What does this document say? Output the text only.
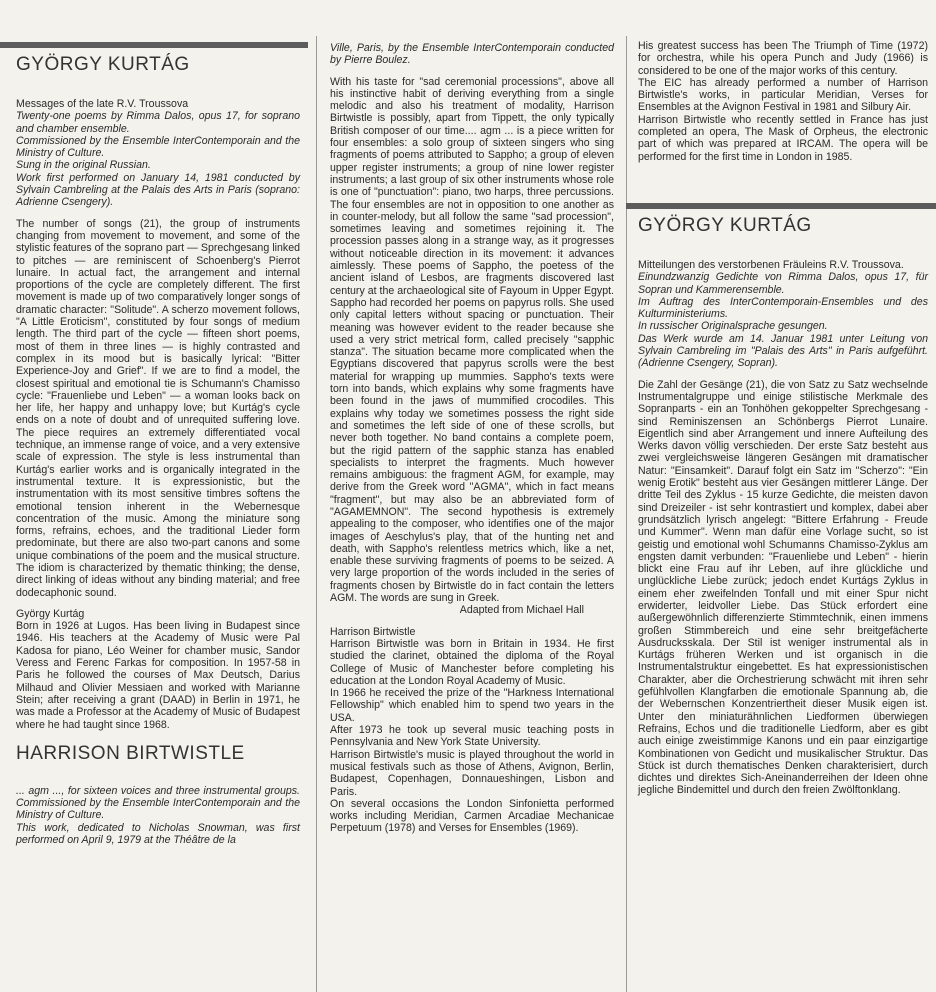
GYÖRGY KURTÁG

Messages of the late R.V. Troussova

Twenty-one poems by Rimma Dalos, opus 17, for soprano and chamber ensemble.

Commissioned by the Ensemble InterContemporain and the Ministry of Culture.

Sung in the original Russian.

Work first performed on January 14, 1981 conducted by Sylvain Cambreling at the Palais des Arts in Paris (soprano: Adrienne Csengery).

The number of songs (21), the group of instruments changing from movement to movement, and some of the stylistic features of the soprano part — Sprechgesang linked to pitches — are reminiscent of Schoenberg's Pierrot lunaire. In actual fact, the arrangement and internal proportions of the cycle are completely different. The first movement is made up of two comparatively longer songs of dramatic character: "Solitude". A scherzo movement follows, "A Little Eroticism", constituted by four songs of medium length. The third part of the cycle — fifteen short poems, most of them in three lines — is highly contrasted and complex in its mood but is basically lyrical: "Bitter Experience-Joy and Grief". If we are to find a model, the closest spiritual and emotional tie is Schumann's Chamisso cycle: "Frauenliebe und Leben" — a woman looks back on her life, her happy and unhappy love; but Kurtág's cycle ends on a note of doubt and of unrequited suffering love. The piece requires an extremely differentiated vocal technique, an immense range of voice, and a very extensive scale of expression. The style is less instrumental than Kurtág's earlier works and is organically integrated in the instrumental texture. It is expressionistic, but the instrumentation with its most sensitive timbres softens the emotional tension inherent in the Webernesque concentration of the music. Among the miniature song forms, refrains, echoes, and the traditional Lieder form predominate, but there are also two-part canons and some unique combinations of the poem and the musical structure. The idiom is characterized by thematic thinking; the dense, direct linking of ideas without any binding material; and free dodecaphonic sound.

György Kurtág

Born in 1926 at Lugos. Has been living in Budapest since 1946. His teachers at the Academy of Music were Pal Kadosa for piano, Léo Weiner for chamber music, Sandor Veress and Ferenc Farkas for composition. In 1957-58 in Paris he followed the courses of Max Deutsch, Darius Milhaud and Olivier Messiaen and worked with Marianne Stein; after receiving a grant (DAAD) in Berlin in 1971, he was made a Professor at the Academy of Music of Budapest where he had taught since 1968.

HARRISON BIRTWISTLE

... agm ..., for sixteen voices and three instrumental groups. Commissioned by the Ensemble InterContemporain and the Ministry of Culture.

This work, dedicated to Nicholas Snowman, was first performed on April 9, 1979 at the Théâtre de la

Ville, Paris, by the Ensemble InterContemporain conducted by Pierre Boulez.

With his taste for "sad ceremonial processions", above all his instinctive habit of deriving everything from a single melodic and also his treatment of modality, Harrison Birtwistle is possibly, apart from Tippett, the only typically British composer of our time.... agm ... is a piece written for four ensembles: a solo group of sixteen singers who sing fragments of poems attributed to Sappho; a group of eleven upper register instruments; a group of nine lower register instruments; a last group of six other instruments whose role is one of "punctuation": piano, two harps, three percussions. The four ensembles are not in opposition to one another as in counter-melody, but all follow the same "sad procession", sometimes leaving and sometimes rejoining it. The procession passes along in a strange way, as it progresses without noticeable direction in its movement: it advances aimlessly. These poems of Sappho, the poetess of the ancient island of Lesbos, are fragments discovered last century at the archaeological site of Fayoum in Upper Egypt. Sappho had recorded her poems on papyrus rolls. She used only capital letters without spacing or punctuation. Their meaning was however evident to the reader because she used a very strict metrical form, called precisely "sapphic stanza". The situation became more complicated when the Egyptians discovered that papyrus scrolls were the best material for wrapping up mummies. Sappho's texts were torn into bands, which explains why some fragments have been found in the jaws of mummified crocodiles. This explains why today we sometimes possess the right side and sometimes the left side of one of these scrolls, but never both together. No band contains a complete poem, but the rigid pattern of the sapphic stanza has enabled specialists to interpret the fragments. Much however remains ambiguous: the fragment AGM, for example, may derive from the Greek word "AGMA", which in fact means "fragment", but may also be an abbreviated form of "AGAMEMNON". The second hypothesis is extremely appealing to the composer, who identifies one of the major images of Aeschylus's play, that of the hunting net and death, with Sappho's relentless metrics which, like a net, enable these surviving fragments of poems to be seized. A very large proportion of the words included in the series of fragments chosen by Birtwistle do in fact contain the letters AGM. The words are sung in Greek.

Adapted from Michael Hall

Harrison Birtwistle

Harrison Birtwistle was born in Britain in 1934. He first studied the clarinet, obtained the diploma of the Royal College of Music of Manchester before completing his education at the London Royal Academy of Music.

In 1966 he received the prize of the "Harkness International Fellowship" which enabled him to spend two years in the USA.

After 1973 he took up several music teaching posts in Pennsylvania and New York State University.

Harrison Birtwistle's music is played throughout the world in musical festivals such as those of Athens, Avignon, Berlin, Budapest, Copenhagen, Donnaueshingen, Lisbon and Paris.

On several occasions the London Sinfonietta performed works including Meridian, Carmen Arcadiae Mechanicae Perpetuum (1978) and Verses for Ensembles (1969).

His greatest success has been The Triumph of Time (1972) for orchestra, while his opera Punch and Judy (1966) is considered to be one of the major works of this century.

The EIC has already performed a number of Harrison Birtwistle's works, in particular Meridian, Verses for Ensembles at the Avignon Festival in 1981 and Silbury Air.

Harrison Birtwistle who recently settled in France has just completed an opera, The Mask of Orpheus, the electronic part of which was prepared at IRCAM. The opera will be performed for the first time in London in 1985.

GYÖRGY KURTÁG

Mitteilungen des verstorbenen Fräuleins R.V. Troussova.

Einundzwanzig Gedichte von Rimma Dalos, opus 17, für Sopran und Kammerensemble.

Im Auftrag des InterContemporain-Ensembles und des Kulturministeriums.

In russischer Originalsprache gesungen.

Das Werk wurde am 14. Januar 1981 unter Leitung von Sylvain Cambreling im "Palais des Arts" in Paris aufgeführt. (Adrienne Csengery, Sopran).

Die Zahl der Gesänge (21), die von Satz zu Satz wechselnde Instrumentalgruppe und einige stilistische Merkmale des Sopranparts - ein an Tonhöhen gekoppelter Sprechgesang - sind Reminiszensen an Schönbergs Pierrot Lunaire. Eigentlich sind aber Arrangement und innere Aufteilung des Werks davon völlig verschieden. Der erste Satz besteht aus zwei vergleichsweise längeren Gesängen mit dramatischer Natur: "Einsamkeit". Darauf folgt ein Satz im "Scherzo": "Ein wenig Erotik" besteht aus vier Gesängen mittlerer Länge. Der dritte Teil des Zyklus - 15 kurze Gedichte, die meisten davon sind Dreizeiler - ist sehr kontrastiert und komplex, dabei aber grundsätzlich lyrisch angelegt: "Bittere Erfahrung - Freude und Kummer". Wenn man dafür eine Vorlage sucht, so ist geistig und emotional wohl Schumanns Chamisso-Zyklus am engsten damit verbunden: "Frauenliebe und Leben" - hierin blickt eine Frau auf ihr Leben, auf ihre glückliche und unglückliche Liebe zurück; jedoch endet Kurtágs Zyklus in einem eher zweifelnden Tonfall und mit einer Spur nicht erwiderter, leidvoller Liebe. Das Stück erfordert eine außergewöhnlich differenzierte Stimmtechnik, einen immens großen Stimmbereich und eine sehr breitgefächerte Ausdrucksskala. Der Stil ist weniger instrumental als in Kurtágs früheren Werken und ist organisch in die Instrumentalstruktur eingebettet. Es hat expressionistischen Charakter, aber die Orchestrierung schwächt mit ihren sehr gefühlvollen Klangfarben die emotionale Spannung ab, die der Webernschen Konzentriertheit dieser Musik eigen ist. Unter den miniaturähnlichen Liedformen überwiegen Refrains, Echos und die traditionelle Liedform, aber es gibt auch einige zweistimmige Kanons und ein paar einzigartige Kombinationen von Gedicht und musikalischer Struktur. Das Stück ist durch thematisches Denken charakterisiert, durch dichtes und direktes Sich-Aneinanderreihen der Ideen ohne jegliche Bindemittel und durch den freien Zwölftonklang.
